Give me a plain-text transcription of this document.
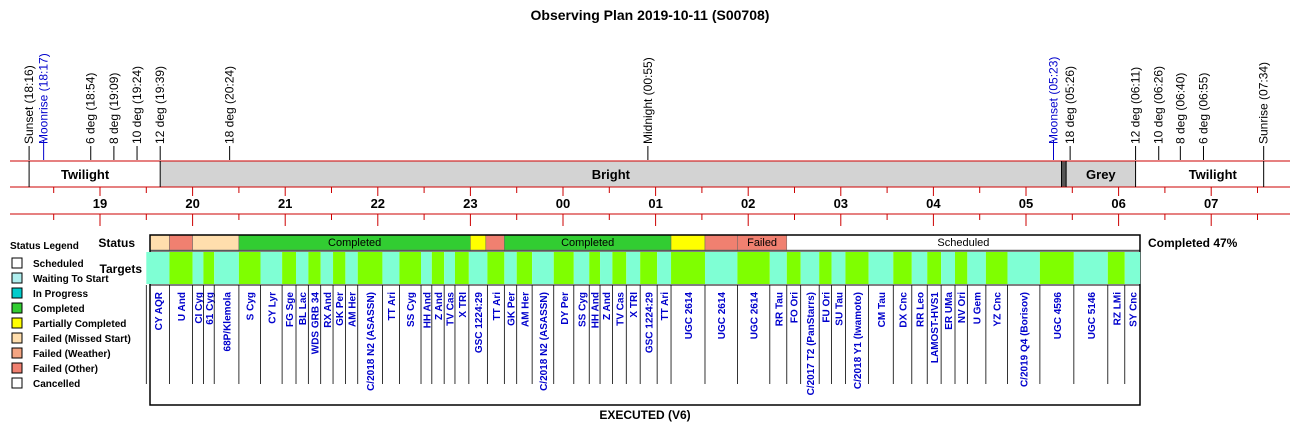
Observing Plan 2019-10-11 (S00708)
Sunset (18:16) Moonrise (18:17)	6 deg (18:54) 8 deg (19:09) 10 deg (19:24) 12 deg (19:39)	18 deg (20:24)	Midnight (00:55)	Moonset (05:23) 18 deg (05:26)	12 deg (06:11) 10 deg (06:26) 8 deg (06:40) 6 deg (06:55)	Sunrise (07:34)
Twilight	Bright	Grey	Twilight
19	20	21	22	23	00	01	02	03	04	05	06	07
Status Legend
Scheduled
Waiting To Start
In Progress
Completed
Partially Completed
Failed (Missed Start)
Failed (Weather)
Failed (Other)
Cancelled
Status
Targets
Completed	Completed	Failed	Scheduled
CY AQR U And CI Cyg 61 Cyg 68P/Klemola S Cyg CY Lyr FG Sge BL Lac WDS GRB 34 RX And GK Per AM Her C/2018 N2 (ASASSN) TT Ari SS Cyg HH And Z And TV Cas X TRI GSC 1224:29 TT Ari GK Per AM Her C/2018 N2 (ASASSN) DY Per SS Cyg HH And Z And TV Cas X TRI GSC 1224:29 TT Ari UGC 2614 UGC 2614 UGC 2614 RR Tau FO Ori C/2017 T2 (PanStarrs) FU Ori SU Tau C/2018 Y1 (Iwamoto) CM Tau DX Cnc RR Leo LAMOST-HVS1 ER UMa NV Ori U Gem YZ Cnc C/2019 Q4 (Borisov) UGC 4596 UGC 5146 RZ LMi SY Cnc
Completed 47%
EXECUTED (V6)
